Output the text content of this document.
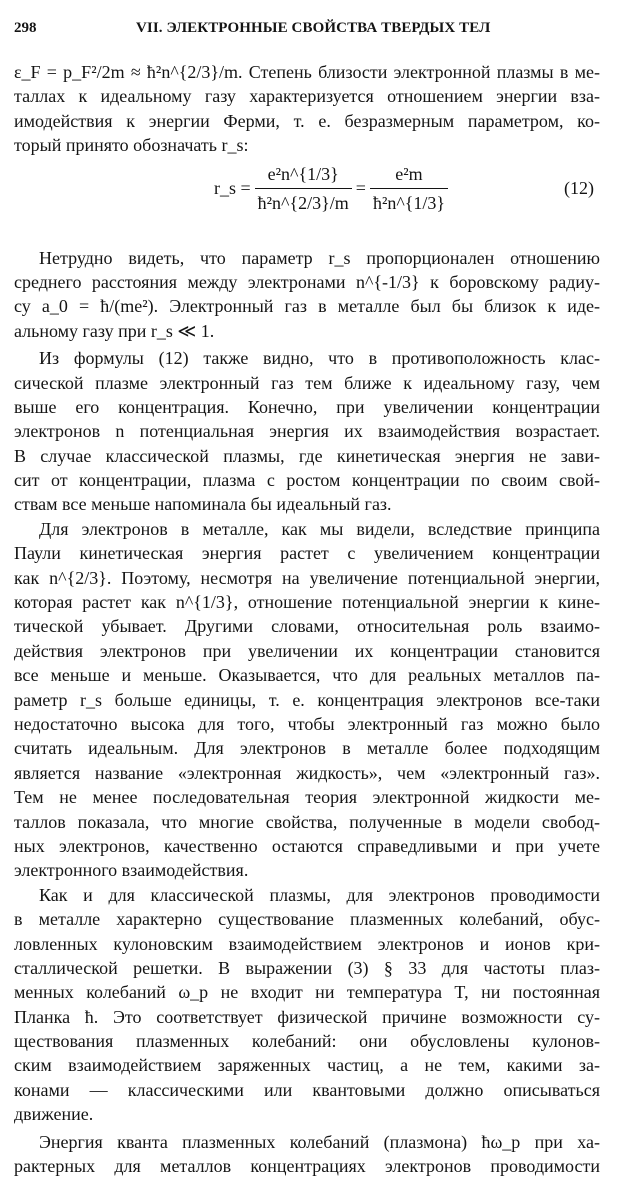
298	VII. ЭЛЕКТРОННЫЕ СВОЙСТВА ТВЕРДЫХ ТЕЛ
ε_F = p_F²/2m ≈ ħ²n^{2/3}/m. Степень близости электронной плазмы в ме-
таллах к идеальному газу характеризуется отношением энергии вза-
имодействия к энергии Ферми, т. е. безразмерным параметром, ко-
торый принято обозначать r_s:
r_s = $\frac{\text{e²n\textasciicircum{}\{1/3\}}}{\text{ħ²n\textasciicircum{}\{2/3\}/m}} = \frac{\text{e²m}}{\text{ħ²n\textasciicircum{}\{1/3\}}}$	(12)
Нетрудно видеть, что параметр r_s пропорционален отношению
среднего расстояния между электронами n^{-1/3} к боровскому радиу-
су a_0 = ħ/(me²). Электронный газ в металле был бы близок к иде-
альному газу при r_s ≪ 1.
Из формулы (12) также видно, что в противоположность клас-
сической плазме электронный газ тем ближе к идеальному газу, чем
выше его концентрация. Конечно, при увеличении концентрации
электронов n потенциальная энергия их взаимодействия возрастает.
В случае классической плазмы, где кинетическая энергия не зави-
сит от концентрации, плазма с ростом концентрации по своим свой-
ствам все меньше напоминала бы идеальный газ.
Для электронов в металле, как мы видели, вследствие принципа
Паули кинетическая энергия растет с увеличением концентрации
как n^{2/3}. Поэтому, несмотря на увеличение потенциальной энергии,
которая растет как n^{1/3}, отношение потенциальной энергии к кине-
тической убывает. Другими словами, относительная роль взаимо-
действия электронов при увеличении их концентрации становится
все меньше и меньше. Оказывается, что для реальных металлов па-
раметр r_s больше единицы, т. е. концентрация электронов все-таки
недостаточно высока для того, чтобы электронный газ можно было
считать идеальным. Для электронов в металле более подходящим
является название «электронная жидкость», чем «электронный газ».
Тем не менее последовательная теория электронной жидкости ме-
таллов показала, что многие свойства, полученные в модели свобод-
ных электронов, качественно остаются справедливыми и при учете
электронного взаимодействия.
Как и для классической плазмы, для электронов проводимости
в металле характерно существование плазменных колебаний, обус-
ловленных кулоновским взаимодействием электронов и ионов кри-
сталлической решетки. В выражении (3) § 33 для частоты плаз-
менных колебаний ω_p не входит ни температура T, ни постоянная
Планка ħ. Это соответствует физической причине возможности су-
ществования плазменных колебаний: они обусловлены кулонов-
ским взаимодействием заряженных частиц, а не тем, какими за-
конами — классическими или квантовыми должно описываться
движение.
Энергия кванта плазменных колебаний (плазмона) ħω_p при ха-
рактерных для металлов концентрациях электронов проводимости
